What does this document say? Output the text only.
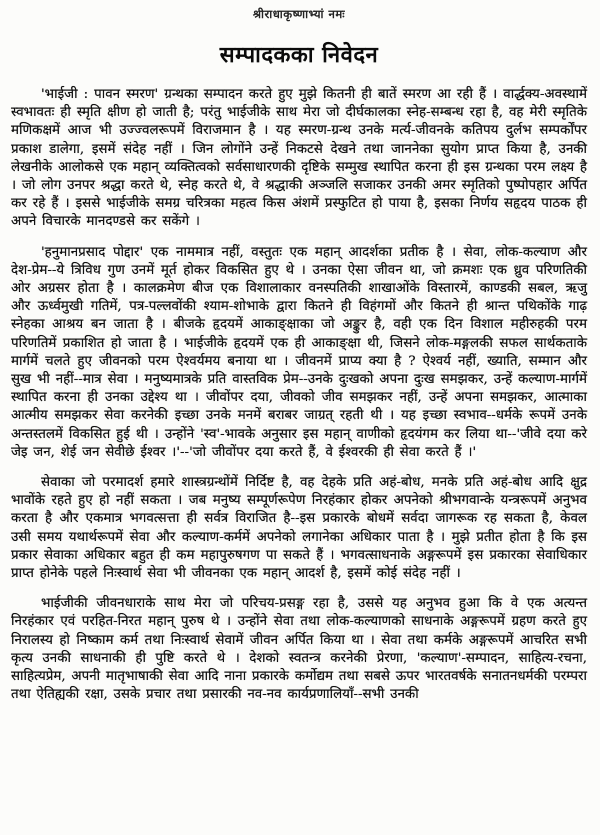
श्रीराधाकृष्णाभ्यां नमः
सम्पादकका निवेदन

'भाईजी : पावन स्मरण' ग्रन्थका सम्पादन करते हुए मुझे कितनी ही बातें स्मरण आ रही हैं । वार्द्धक्य-अवस्थामें स्वभावतः ही स्मृति क्षीण हो जाती है; परंतु भाईजीके साथ मेरा जो दीर्घकालका स्नेह-सम्बन्ध रहा है, वह मेरी स्मृतिके मणिकक्षमें आज भी उज्ज्वलरूपमें विराजमान है । यह स्मरण-ग्रन्थ उनके मर्त्य-जीवनके कतिपय दुर्लभ सम्पर्कोंपर प्रकाश डालेगा, इसमें संदेह नहीं । जिन लोगोंने उन्हें निकटसे देखने तथा जाननेका सुयोग प्राप्त किया है, उनकी लेखनीके आलोकसे एक महान् व्यक्तित्वको सर्वसाधारणकी दृष्टिके सम्मुख स्थापित करना ही इस ग्रन्थका परम लक्ष्य है । जो लोग उनपर श्रद्धा करते थे, स्नेह करते थे, वे श्रद्धाकी अञ्जलि सजाकर उनकी अमर स्मृतिको पुष्पोपहार अर्पित कर रहे हैं । इससे भाईजीके समग्र चरित्रका महत्व किस अंशमें प्रस्फुटित हो पाया है, इसका निर्णय सहृदय पाठक ही अपने विचारके मानदण्डसे कर सकेंगे ।

'हनुमानप्रसाद पोद्दार' एक नाममात्र नहीं, वस्तुतः एक महान् आदर्शका प्रतीक है । सेवा, लोक-कल्याण और देश-प्रेम--ये त्रिविध गुण उनमें मूर्त होकर विकसित हुए थे । उनका ऐसा जीवन था, जो क्रमशः एक ध्रुव परिणतिकी ओर अग्रसर होता है । कालक्रमेण बीज एक विशालाकार वनस्पतिकी शाखाओंके विस्तारमें, काण्डकी सबल, ऋजु और ऊर्ध्वमुखी गतिमें, पत्र-पल्लवोंकी श्याम-शोभाके द्वारा कितने ही विहंगमों और कितने ही श्रान्त पथिकोंके गाढ़ स्नेहका आश्रय बन जाता है । बीजके हृदयमें आकाङ्क्षाका जो अङ्कुर है, वही एक दिन विशाल महीरुहकी परम परिणतिमें प्रकाशित हो जाता है । भाईजीके हृदयमें एक ही आकाङ्क्षा थी, जिसने लोक-मङ्गलकी सफल सार्थकताके मार्गमें चलते हुए जीवनको परम ऐश्वर्यमय बनाया था । जीवनमें प्राप्य क्या है ? ऐश्वर्य नहीं, ख्याति, सम्मान और सुख भी नहीं--मात्र सेवा । मनुष्यमात्रके प्रति वास्तविक प्रेम--उनके दुःखको अपना दुःख समझकर, उन्हें कल्याण-मार्गमें स्थापित करना ही उनका उद्देश्य था । जीवोंपर दया, जीवको जीव समझकर नहीं, उन्हें अपना समझकर, आत्माका आत्मीय समझकर सेवा करनेकी इच्छा उनके मनमें बराबर जाग्रत् रहती थी । यह इच्छा स्वभाव--धर्मके रूपमें उनके अन्तस्तलमें विकसित हुई थी । उन्होंने 'स्व'-भावके अनुसार इस महान् वाणीको हृदयंगम कर लिया था--'जीवे दया करे जेइ जन, शेई जन सेवीछे ईश्वर ।'--'जो जीवोंपर दया करते हैं, वे ईश्वरकी ही सेवा करते हैं ।'

सेवाका जो परमादर्श हमारे शास्त्रग्रन्थोंमें निर्दिष्ट है, वह देहके प्रति अहं-बोध, मनके प्रति अहं-बोध आदि क्षुद्र भावोंके रहते हुए हो नहीं सकता । जब मनुष्य सम्पूर्णरूपेण निरहंकार होकर अपनेको श्रीभगवान्के यन्त्ररूपमें अनुभव करता है और एकमात्र भगवत्सत्ता ही सर्वत्र विराजित है--इस प्रकारके बोधमें सर्वदा जागरूक रह सकता है, केवल उसी समय यथार्थरूपमें सेवा और कल्याण-कर्ममें अपनेको लगानेका अधिकार पाता है । मुझे प्रतीत होता है कि इस प्रकार सेवाका अधिकार बहुत ही कम महापुरुषगण पा सकते हैं । भगवत्साधनाके अङ्गरूपमें इस प्रकारका सेवाधिकार प्राप्त होनेके पहले निःस्वार्थ सेवा भी जीवनका एक महान् आदर्श है, इसमें कोई संदेह नहीं ।

भाईजीकी जीवनधाराके साथ मेरा जो परिचय-प्रसङ्ग रहा है, उससे यह अनुभव हुआ कि वे एक अत्यन्त निरहंकार एवं परहित-निरत महान् पुरुष थे । उन्होंने सेवा तथा लोक-कल्याणको साधनाके अङ्गरूपमें ग्रहण करते हुए निरालस्य हो निष्काम कर्म तथा निःस्वार्थ सेवामें जीवन अर्पित किया था । सेवा तथा कर्मके अङ्गरूपमें आचरित सभी कृत्य उनकी साधनाकी ही पुष्टि करते थे । देशको स्वतन्त्र करनेकी प्रेरणा, 'कल्याण'-सम्पादन, साहित्य-रचना, साहित्यप्रेम, अपनी मातृभाषाकी सेवा आदि नाना प्रकारके कर्मोद्यम तथा सबसे ऊपर भारतवर्षके सनातनधर्मकी परम्परा तथा ऐतिह्यकी रक्षा, उसके प्रचार तथा प्रसारकी नव-नव कार्यप्रणालियाँ--सभी उनकी
